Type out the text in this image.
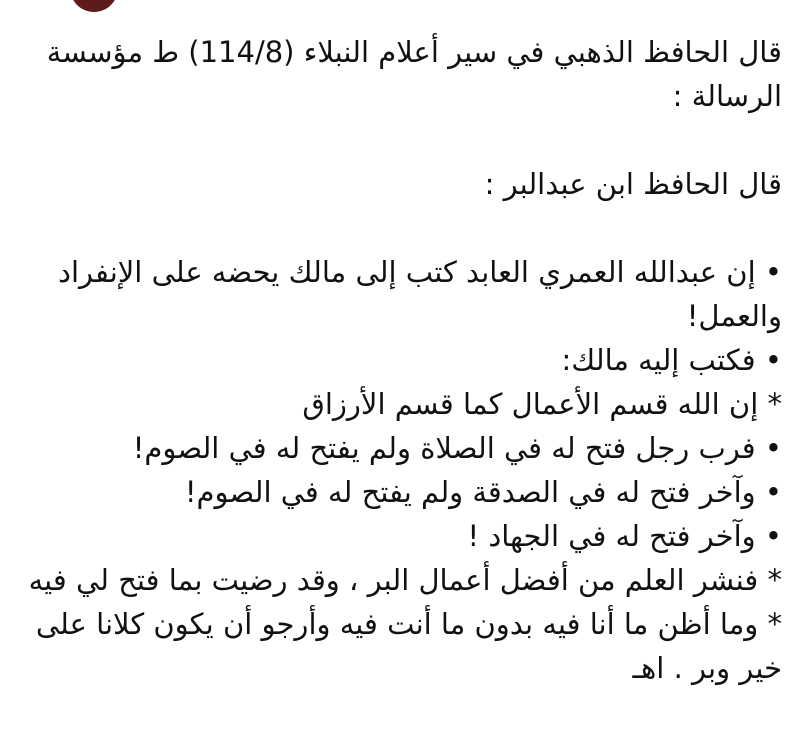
قال الحافظ الذهبي في سير أعلام النبلاء (114/8) ط مؤسسة الرسالة :

قال الحافظ ابن عبدالبر :

• إن عبدالله العمري العابد كتب إلى مالك يحضه على الإنفراد والعمل!

• فكتب إليه مالك:

* إن الله قسم الأعمال كما قسم الأرزاق

• فرب رجل فتح له في الصلاة ولم يفتح له في الصوم!

• وآخر فتح له في الصدقة ولم يفتح له في الصوم!

• وآخر فتح له في الجهاد !

* فنشر العلم من أفضل أعمال البر ، وقد رضيت بما فتح لي فيه

* وما أظن ما أنا فيه بدون ما أنت فيه وأرجو أن يكون كلانا على خير وبر . اهـ
